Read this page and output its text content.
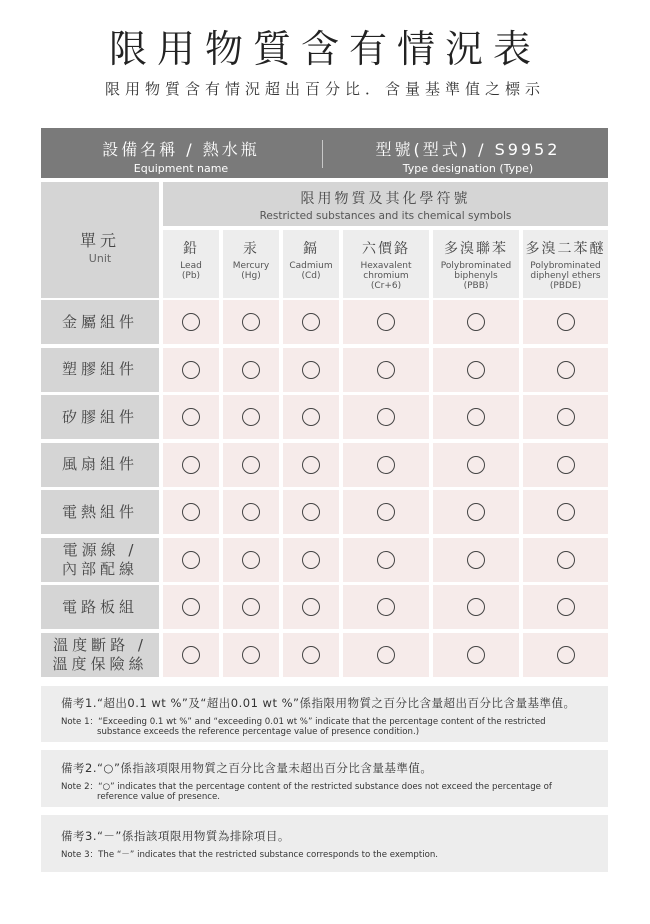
限用物質含有情況表
限用物質含有情況超出百分比．含量基準值之標示
設備名稱 / 熱水瓶
Equipment name
型號(型式) / S9952
Type designation (Type)
單元
Unit
限用物質及其化學符號
Restricted substances and its chemical symbols
鉛
Lead
(Pb)
汞
Mercury
(Hg)
鎘
Cadmium
(Cd)
六價鉻
Hexavalent
chromium
(Cr+6)
多溴聯苯
Polybrominated
biphenyls
(PBB)
多溴二苯醚
Polybrominated
diphenyl ethers
(PBDE)
金屬組件
塑膠組件
矽膠組件
風扇組件
電熱組件
電源線 /
內部配線
電路板組
溫度斷路 /
溫度保險絲
備考1.“超出0.1 wt %”及“超出0.01 wt %”係指限用物質之百分比含量超出百分比含量基準值。
Note 1：“Exceeding 0.1 wt %” and “exceeding 0.01 wt %” indicate that the percentage content of the restricted
substance exceeds the reference percentage value of presence condition.)
備考2.“○”係指該項限用物質之百分比含量未超出百分比含量基準值。
Note 2：“○” indicates that the percentage content of the restricted substance does not exceed the percentage of
reference value of presence.
備考3.“－”係指該項限用物質為排除項目。
Note 3：The “－” indicates that the restricted substance corresponds to the exemption.
